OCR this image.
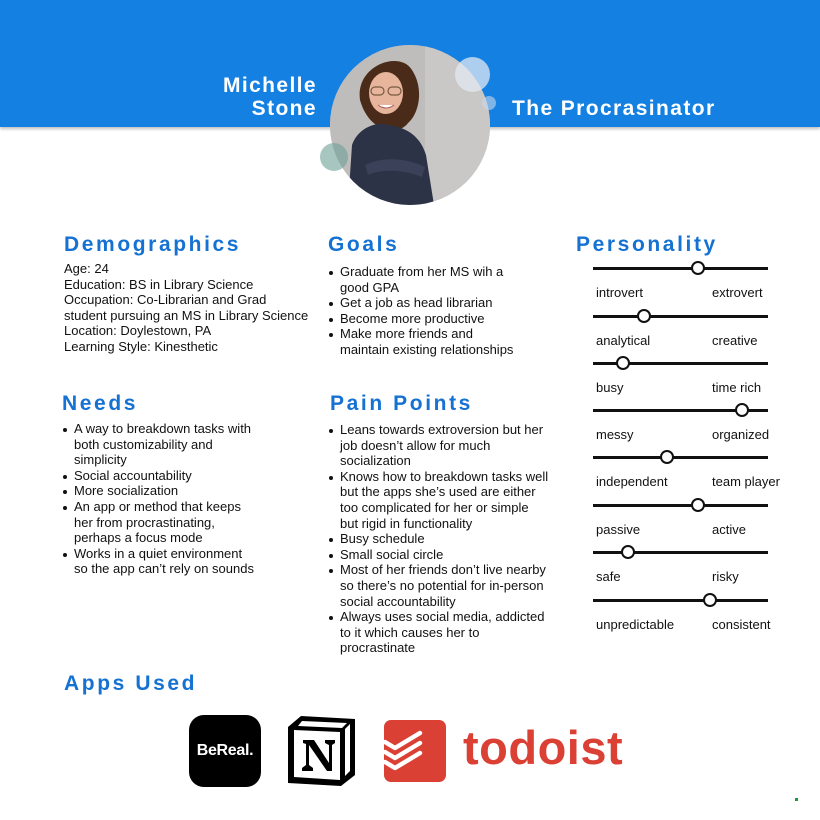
Michelle
Stone	The Procrasinator
Demographics
Age: 24
Education: BS in Library Science
Occupation: Co-Librarian and Grad
student pursuing an MS in Library Science
Location: Doylestown, PA
Learning Style: Kinesthetic
Goals
Graduate from her MS wih a
good GPA
Get a job as head librarian
Become more productive
Make more friends and
maintain existing relationships
Needs
A way to breakdown tasks with
both customizability and
simplicity
Social accountability
More socialization
An app or method that keeps
her from procrastinating,
perhaps a focus mode
Works in a quiet environment
so the app can’t rely on sounds
Pain Points
Leans towards extroversion but her
job doesn’t allow for much
socialization
Knows how to breakdown tasks well
but the apps she’s used are either
too complicated for her or simple
but rigid in functionality
Busy schedule
Small social circle
Most of her friends don’t live nearby
so there’s no potential for in-person
social accountability
Always uses social media, addicted
to it which causes her to
procrastinate
Personality
introvert	extrovert
analytical	creative
busy	time rich
messy	organized
independent	team player
passive	active
safe	risky
unpredictable	consistent
Apps Used
BeReal.	todoist
